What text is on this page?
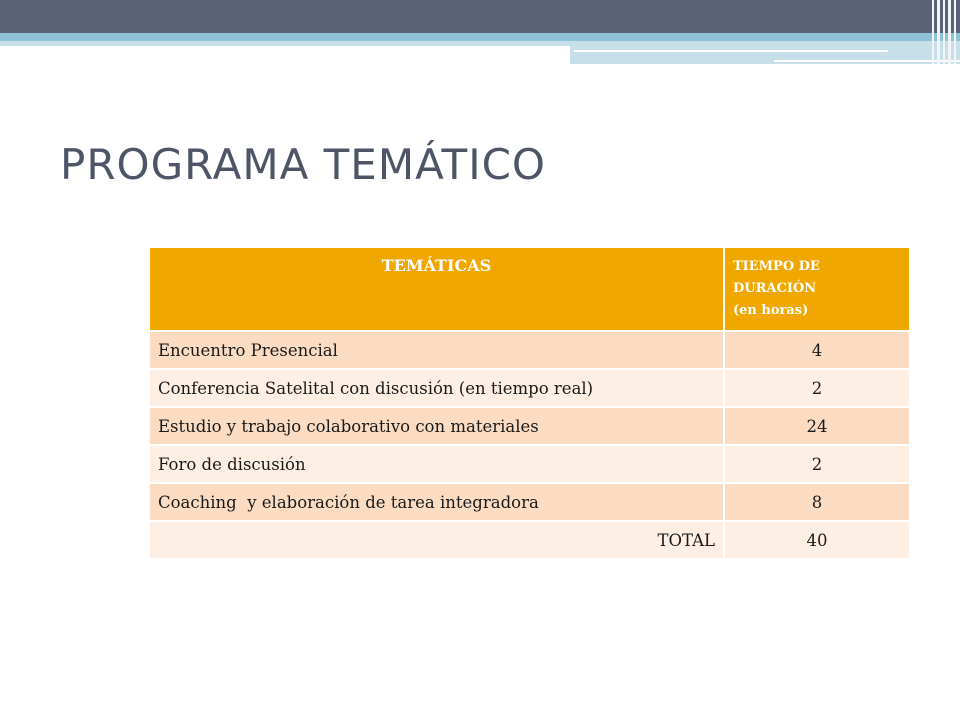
PROGRAMA TEMÁTICO
TEMÁTICAS	TIEMPO DE
DURACIÓN
(en horas)

Encuentro Presencial	4
Conferencia Satelital con discusión (en tiempo real)	2
Estudio y trabajo colaborativo con materiales	24
Foro de discusión	2
Coaching  y elaboración de tarea integradora	8
TOTAL	40
